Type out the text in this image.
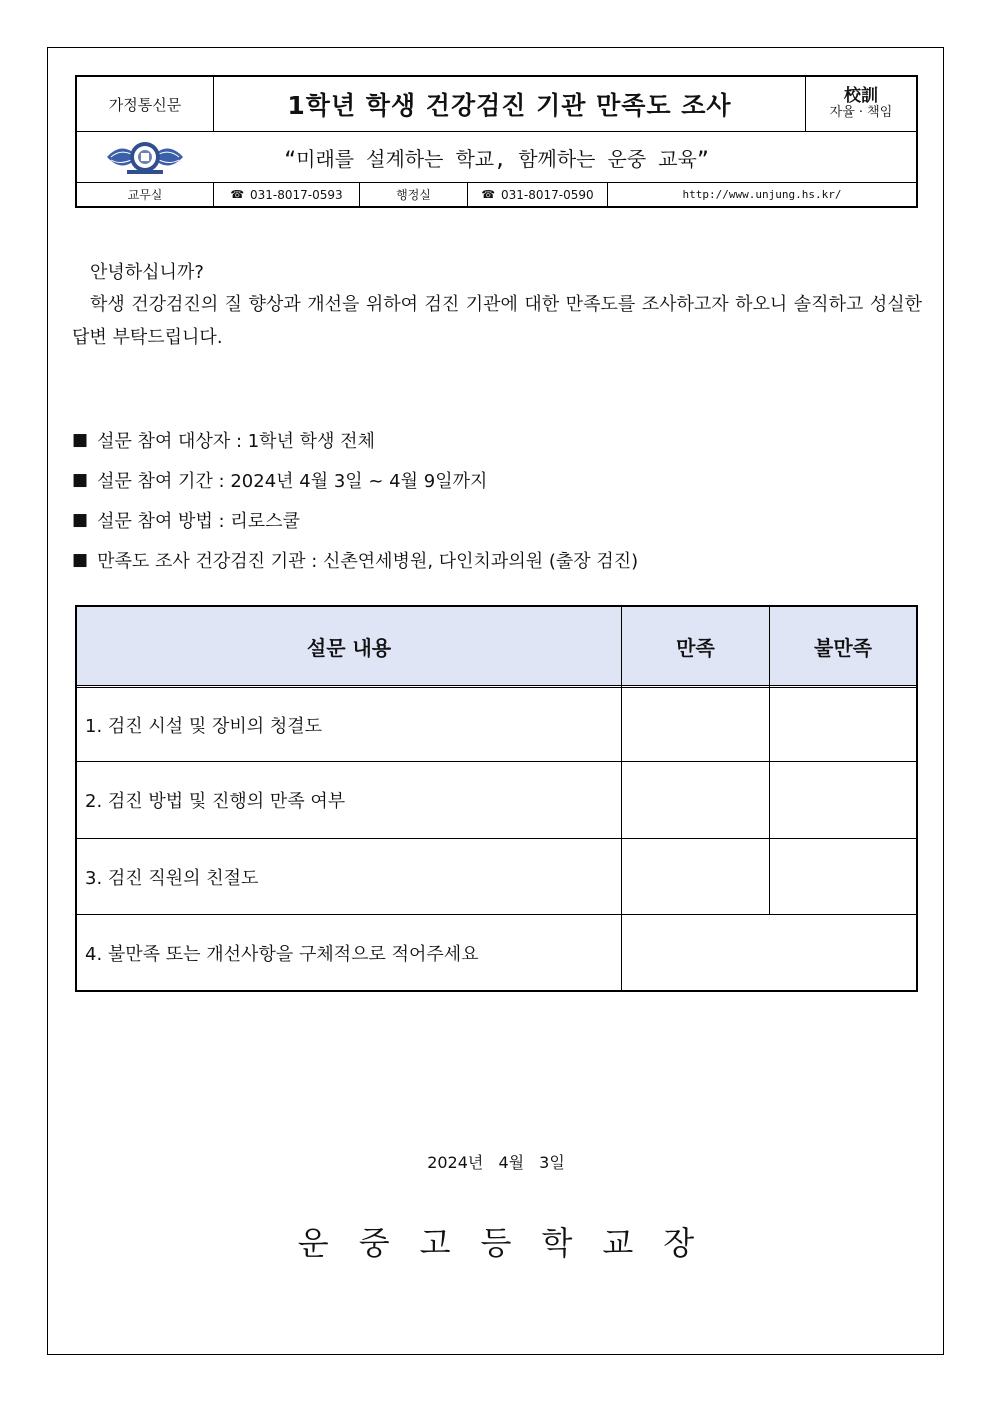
가정통신문	1학년 학생 건강검진 기관 만족도 조사	校訓
자율 · 책임
“미래를 설계하는 학교, 함께하는 운중 교육”
교무실	☎ 031-8017-0593	행정실	☎ 031-8017-0590	http://www.unjung.hs.kr/
안녕하십니까?
학생 건강검진의 질 향상과 개선을 위하여 검진 기관에 대한 만족도를 조사하고자 하오니 솔직하고 성실한 답변 부탁드립니다.
■ 설문 참여 대상자 : 1학년 학생 전체
■ 설문 참여 기간 : 2024년 4월 3일 ~ 4월 9일까지
■ 설문 참여 방법 : 리로스쿨
■ 만족도 조사 건강검진 기관 : 신촌연세병원, 다인치과의원 (출장 검진)
설문 내용	만족	불만족
1. 검진 시설 및 장비의 청결도
2. 검진 방법 및 진행의 만족 여부
3. 검진 직원의 친절도
4. 불만족 또는 개선사항을 구체적으로 적어주세요
2024년 4월 3일
운중고등학교장
